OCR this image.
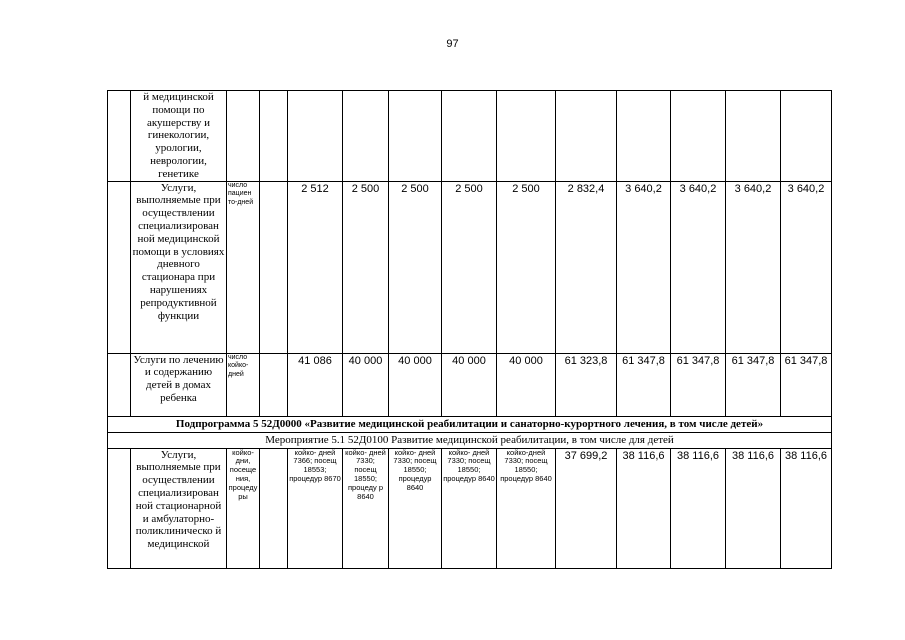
97
	й медицинской помощи по акушерству и гинекологии, урологии, неврологии, генетике												
	Услуги, выполняемые при осуществлении специализирован ной медицинской помощи в условиях дневного стационара при нарушениях репродуктивной функции	число пациен то-дней		2 512	2 500	2 500	2 500	2 500	2 832,4	3 640,2	3 640,2	3 640,2	3 640,2
	Услуги по лечению и содержанию детей в домах ребенка	число койко- дней		41 086	40 000	40 000	40 000	40 000	61 323,8	61 347,8	61 347,8	61 347,8	61 347,8
Подпрограмма 5 52Д0000 «Развитие медицинской реабилитации и санаторно-курортного лечения, в том числе детей»													
Мероприятие 5.1 52Д0100 Развитие медицинской реабилитации, в том числе для детей													
	Услуги, выполняемые при осуществлении специализирован ной стационарной и амбулаторно- поликлиническо й медицинской	койко- дни, посеще ния, процеду ры		койко- дней 7366; посещ 18553; процедур 8670	койко- дней 7330; посещ 18550; процеду р 8640	койко- дней 7330; посещ 18550; процедур 8640	койко- дней 7330; посещ 18550; процедур 8640	койко-дней 7330; посещ 18550; процедур 8640	37 699,2	38 116,6	38 116,6	38 116,6	38 116,6
